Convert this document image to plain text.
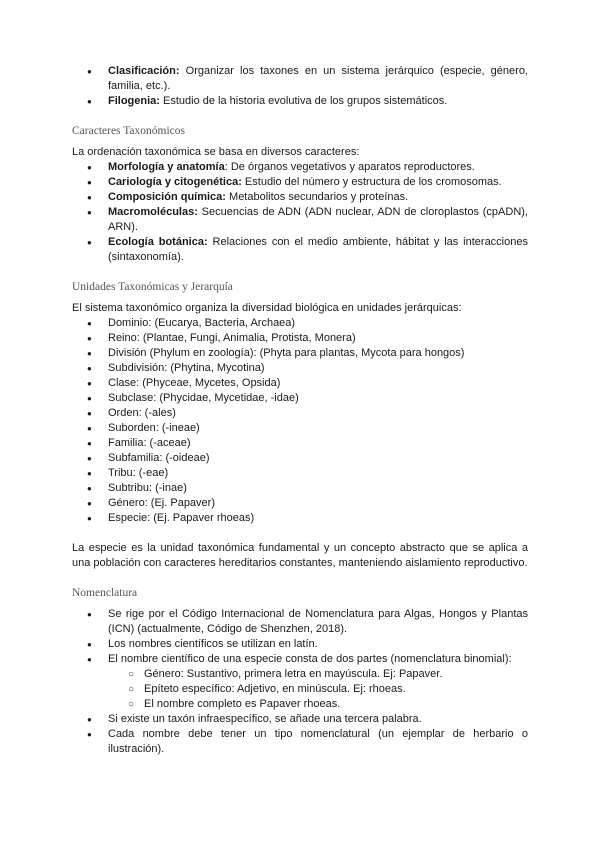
● Clasificación: Organizar los taxones en un sistema jerárquico (especie, género, familia, etc.).
● Filogenia: Estudio de la historia evolutiva de los grupos sistemáticos.
Caracteres Taxonómicos
La ordenación taxonómica se basa en diversos caracteres:
● Morfología y anatomía: De órganos vegetativos y aparatos reproductores.
● Cariología y citogenética: Estudio del número y estructura de los cromosomas.
● Composición química: Metabolitos secundarios y proteínas.
● Macromoléculas: Secuencias de ADN (ADN nuclear, ADN de cloroplastos (cpADN), ARN).
● Ecología botánica: Relaciones con el medio ambiente, hábitat y las interacciones (sintaxonomía).
Unidades Taxonómicas y Jerarquía
El sistema taxonómico organiza la diversidad biológica en unidades jerárquicas:
● Dominio: (Eucarya, Bacteria, Archaea)
● Reino: (Plantae, Fungi, Animalia, Protista, Monera)
● División (Phylum en zoología): (Phyta para plantas, Mycota para hongos)
● Subdivisión: (Phytina, Mycotina)
● Clase: (Phyceae, Mycetes, Opsida)
● Subclase: (Phycidae, Mycetidae, -idae)
● Orden: (-ales)
● Suborden: (-ineae)
● Familia: (-aceae)
● Subfamilia: (-oideae)
● Tribu: (-eae)
● Subtribu: (-inae)
● Género: (Ej. Papaver)
● Especie: (Ej. Papaver rhoeas)
La especie es la unidad taxonómica fundamental y un concepto abstracto que se aplica a una población con caracteres hereditarios constantes, manteniendo aislamiento reproductivo.
Nomenclatura
● Se rige por el Código Internacional de Nomenclatura para Algas, Hongos y Plantas (ICN) (actualmente, Código de Shenzhen, 2018).
● Los nombres científicos se utilizan en latín.
● El nombre científico de una especie consta de dos partes (nomenclatura binomial):
○ Género: Sustantivo, primera letra en mayúscula. Ej: Papaver.
○ Epíteto específico: Adjetivo, en minúscula. Ej: rhoeas.
○ El nombre completo es Papaver rhoeas.
● Si existe un taxón infraespecífico, se añade una tercera palabra.
● Cada nombre debe tener un tipo nomenclatural (un ejemplar de herbario o ilustración).
